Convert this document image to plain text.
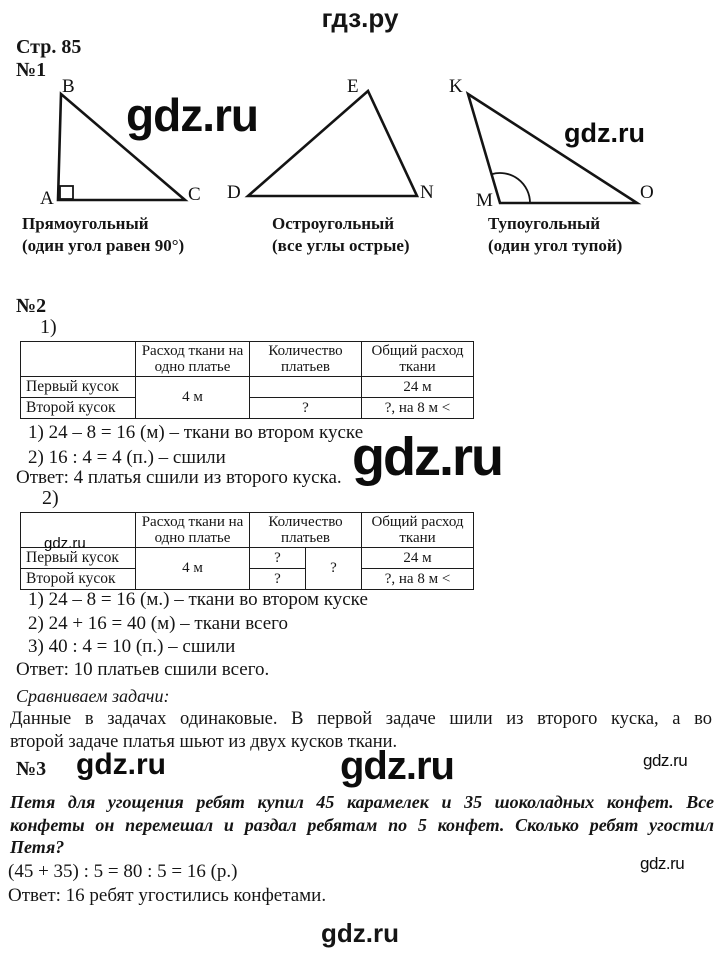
гдз.ру
Стр. 85
№1
B
A	C
E
D	N
K
M	O
gdz.ru	gdz.ru
Прямоугольный
(один угол равен 90°)
Остроугольный
(все углы острые)
Тупоугольный
(один угол тупой)
№2
1)
	Расход ткани на одно платье	Количество платьев	Общий расход ткани
Первый кусок	4 м		24 м
Второй кусок		?	?, на 8 м <
1) 24 – 8 = 16 (м) – ткани во втором куске
2) 16 : 4 = 4 (п.) – сшили
Ответ: 4 платья сшили из второго куска. gdz.ru
2)
	Расход ткани на одно платье	Количество платьев		Общий расход ткани
Первый кусок	4 м	?	?	24 м
Второй кусок		?		?, на 8 м <
gdz.ru
1) 24 – 8 = 16 (м.) – ткани во втором куске
2) 24 + 16 = 40 (м) – ткани всего
3) 40 : 4 = 10 (п.) – сшили
Ответ: 10 платьев сшили всего.
Сравниваем задачи:
Данные в задачах одинаковые. В первой задаче шили из второго куска, а во
второй задаче платья шьют из двух кусков ткани.
№3 gdz.ru	gdz.ru	gdz.ru
Петя для угощения ребят купил 45 карамелек и 35 шоколадных конфет. Все
конфеты он перемешал и раздал ребятам по 5 конфет. Сколько ребят угостил
Петя?
gdz.ru
(45 + 35) : 5 = 80 : 5 = 16 (р.)
Ответ: 16 ребят угостились конфетами.
gdz.ru
